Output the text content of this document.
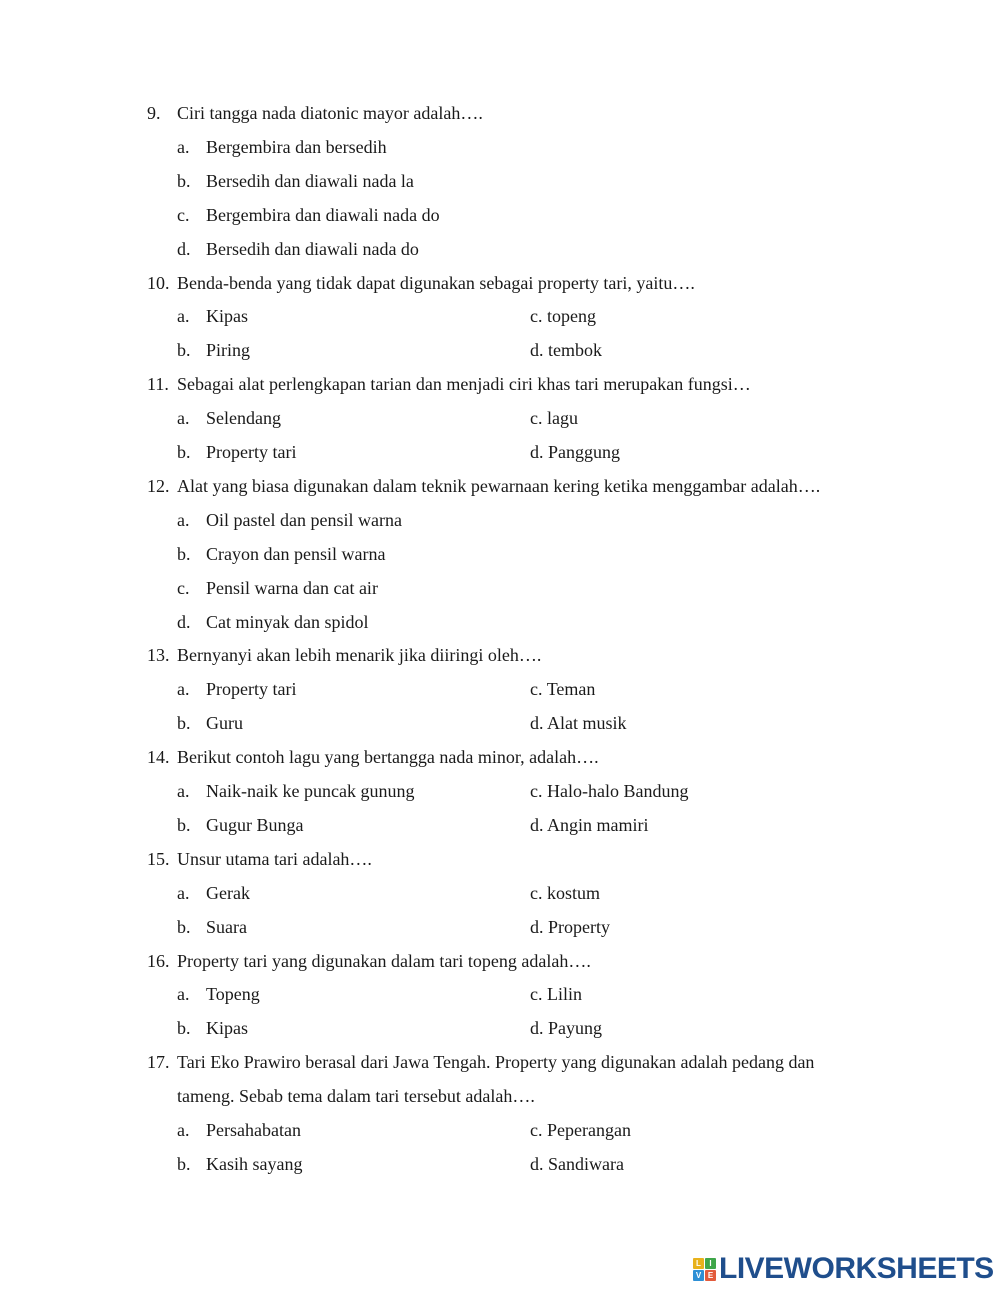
9. Ciri tangga nada diatonic mayor adalah….
a. Bergembira dan bersedih
b. Bersedih dan diawali nada la
c. Bergembira dan diawali nada do
d. Bersedih dan diawali nada do
10. Benda-benda yang tidak dapat digunakan sebagai property tari, yaitu….
a. Kipas	c. topeng
b. Piring	d. tembok
11. Sebagai alat perlengkapan tarian dan menjadi ciri khas tari merupakan fungsi…
a. Selendang	c. lagu
b. Property tari	d. Panggung
12. Alat yang biasa digunakan dalam teknik pewarnaan kering ketika menggambar adalah….
a. Oil pastel dan pensil warna
b. Crayon dan pensil warna
c. Pensil warna dan cat air
d. Cat minyak dan spidol
13. Bernyanyi akan lebih menarik jika diiringi oleh….
a. Property tari	c. Teman
b. Guru	d. Alat musik
14. Berikut contoh lagu yang bertangga nada minor, adalah….
a. Naik-naik ke puncak gunung	c. Halo-halo Bandung
b. Gugur Bunga	d. Angin mamiri
15. Unsur utama tari adalah….
a. Gerak	c. kostum
b. Suara	d. Property
16. Property tari yang digunakan dalam tari topeng adalah….
a. Topeng	c. Lilin
b. Kipas	d. Payung
17. Tari Eko Prawiro berasal dari Jawa Tengah. Property yang digunakan adalah pedang dan
tameng. Sebab tema dalam tari tersebut adalah….
a. Persahabatan	c. Peperangan
b. Kasih sayang	d. Sandiwara
L	I
V E LIVEWORKSHEETS
